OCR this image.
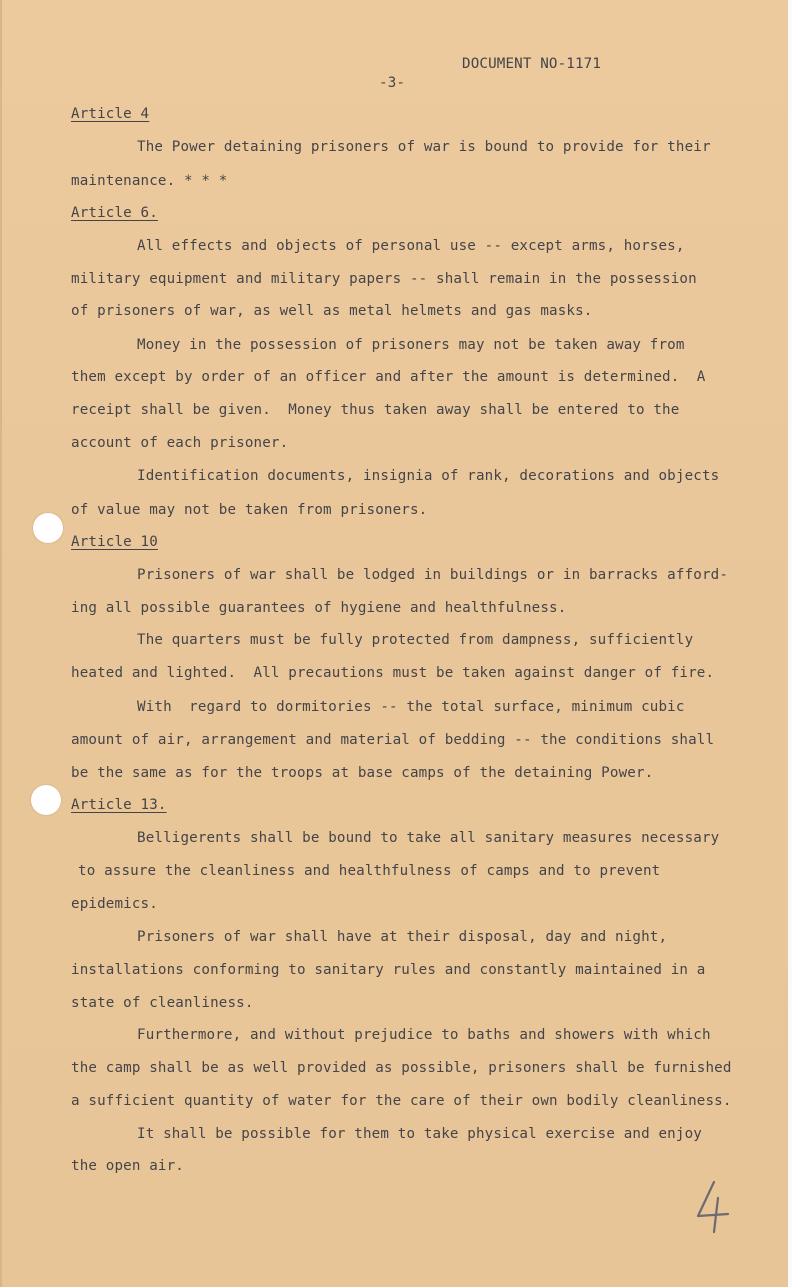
DOCUMENT NO-1171
-3-
Article 4
The Power detaining prisoners of war is bound to provide for their
maintenance. * * *
Article 6.
All effects and objects of personal use -- except arms, horses,
military equipment and military papers -- shall remain in the possession
of prisoners of war, as well as metal helmets and gas masks.
Money in the possession of prisoners may not be taken away from
them except by order of an officer and after the amount is determined.  A
receipt shall be given.  Money thus taken away shall be entered to the
account of each prisoner.
Identification documents, insignia of rank, decorations and objects
of value may not be taken from prisoners.
Article 10
Prisoners of war shall be lodged in buildings or in barracks afford-
ing all possible guarantees of hygiene and healthfulness.
The quarters must be fully protected from dampness, sufficiently
heated and lighted.  All precautions must be taken against danger of fire.
With  regard to dormitories -- the total surface, minimum cubic
amount of air, arrangement and material of bedding -- the conditions shall
be the same as for the troops at base camps of the detaining Power.
Article 13.
Belligerents shall be bound to take all sanitary measures necessary
to assure the cleanliness and healthfulness of camps and to prevent
epidemics.
Prisoners of war shall have at their disposal, day and night,
installations conforming to sanitary rules and constantly maintained in a
state of cleanliness.
Furthermore, and without prejudice to baths and showers with which
the camp shall be as well provided as possible, prisoners shall be furnished
a sufficient quantity of water for the care of their own bodily cleanliness.
It shall be possible for them to take physical exercise and enjoy
the open air.
